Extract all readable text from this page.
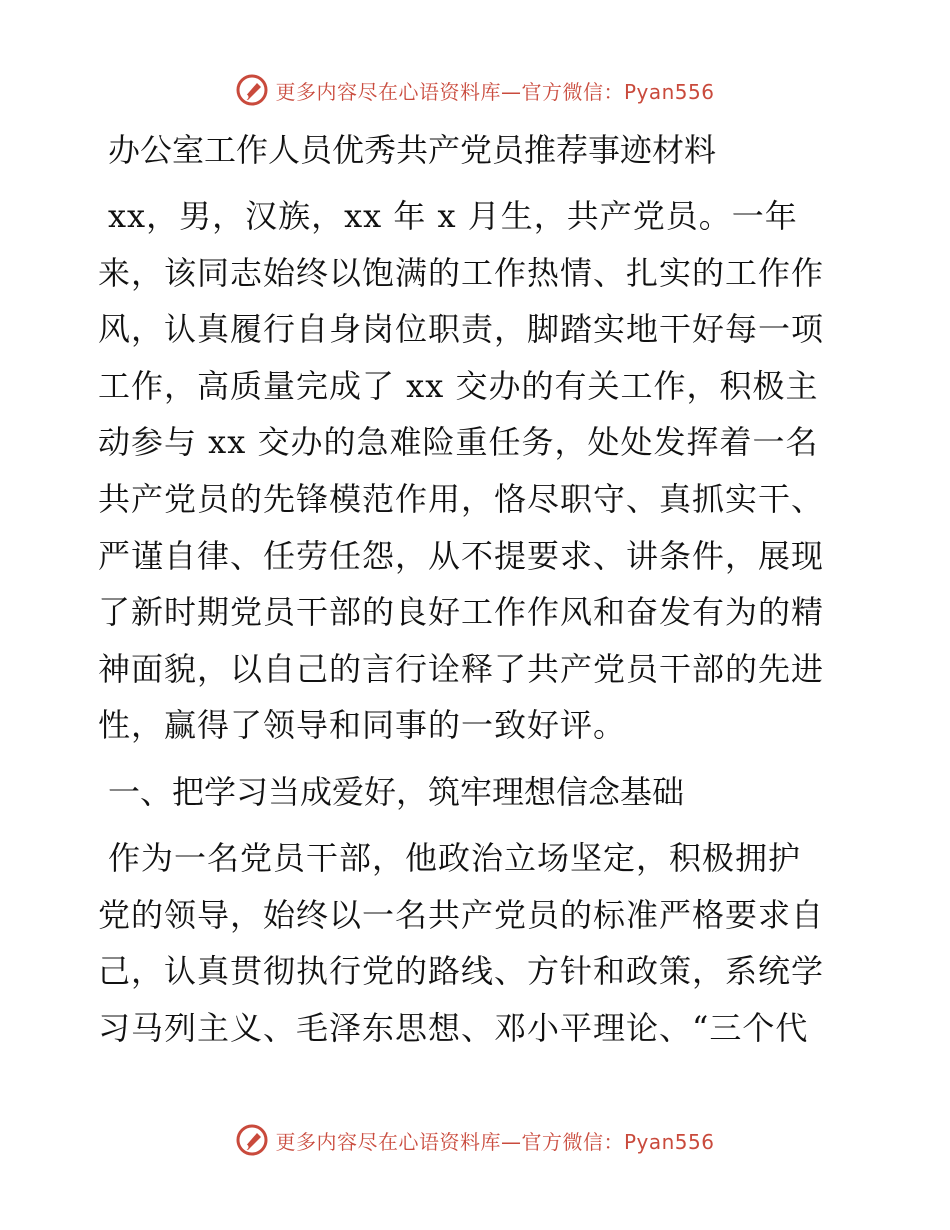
更多内容尽在心语资料库—官方微信：Pyan556
办公室工作人员优秀共产党员推荐事迹材料
xx，男，汉族，xx 年 x 月生，共产党员。一年
来，该同志始终以饱满的工作热情、扎实的工作作
风，认真履行自身岗位职责，脚踏实地干好每一项
工作，高质量完成了 xx 交办的有关工作，积极主
动参与 xx 交办的急难险重任务，处处发挥着一名
共产党员的先锋模范作用，恪尽职守、真抓实干、
严谨自律、任劳任怨，从不提要求、讲条件，展现
了新时期党员干部的良好工作作风和奋发有为的精
神面貌，以自己的言行诠释了共产党员干部的先进
性，赢得了领导和同事的一致好评。
一、把学习当成爱好，筑牢理想信念基础
作为一名党员干部，他政治立场坚定，积极拥护
党的领导，始终以一名共产党员的标准严格要求自
己，认真贯彻执行党的路线、方针和政策，系统学
习马列主义、毛泽东思想、邓小平理论、“三个代
更多内容尽在心语资料库—官方微信：Pyan556
